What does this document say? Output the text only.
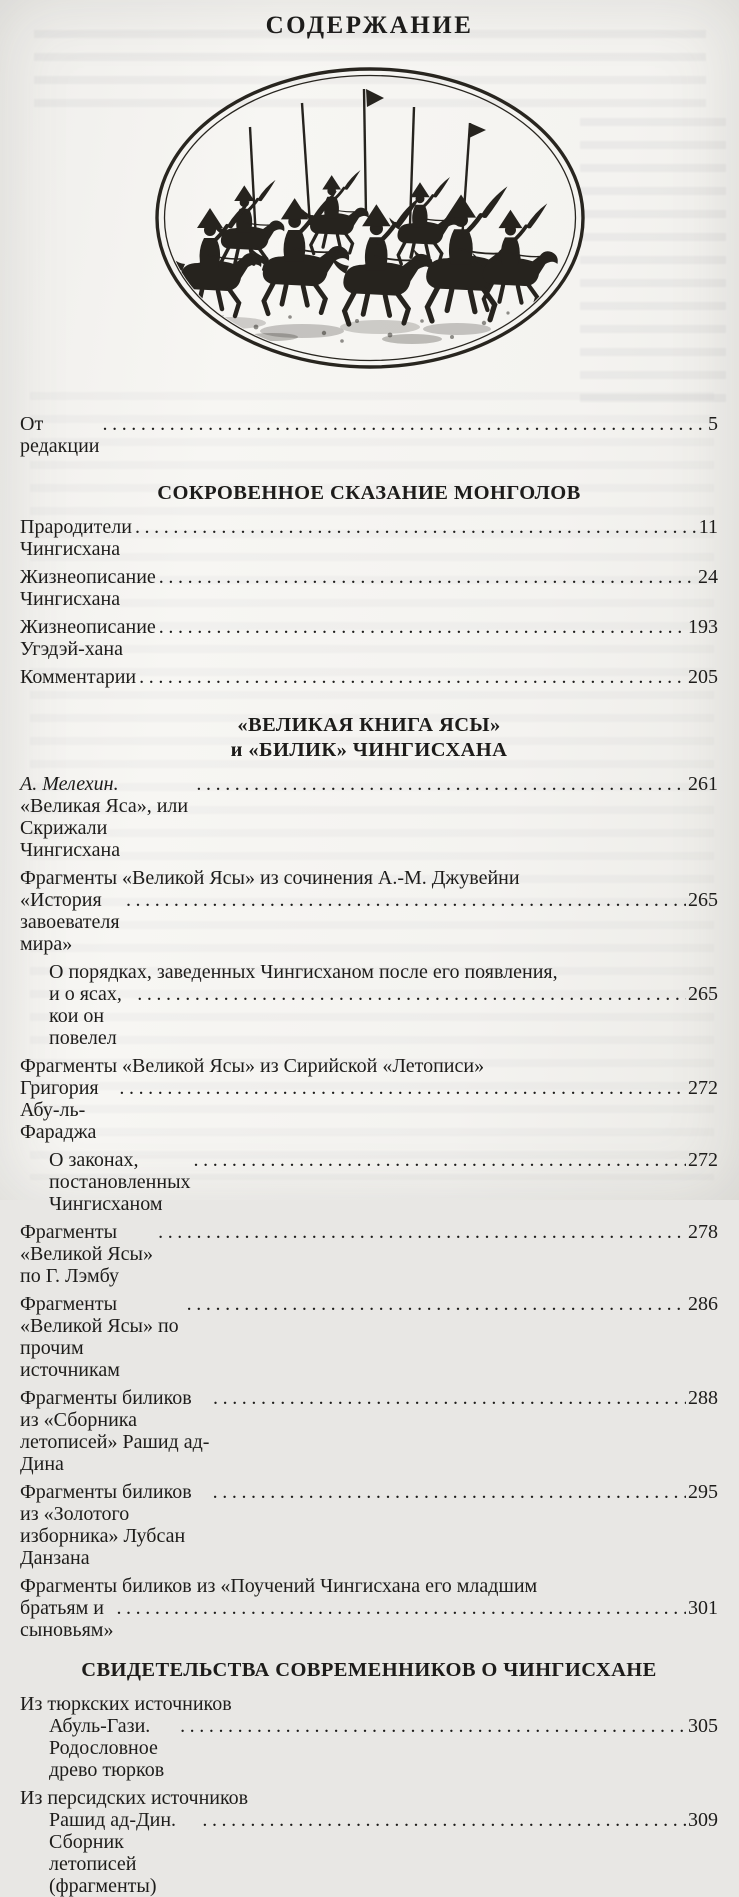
СОДЕРЖАНИЕ
От редакции
.....
5
СОКРОВЕННОЕ СКАЗАНИЕ МОНГОЛОВ
Прародители Чингисхана
.....
11
Жизнеописание Чингисхана
.....
24
Жизнеописание Угэдэй-хана
.....
193
Комментарии .....	205
«ВЕЛИКАЯ КНИГА ЯСЫ»
и «БИЛИК» ЧИНГИСХАНА
А. Мелехин. «Великая Яса», или Скрижали Чингисхана
.....
261
Фрагменты «Великой Ясы» из сочинения А.-М. Джувейни
«История завоевателя мира»
.....
265
О порядках, заведенных Чингисханом после его появления,
и о ясах, кои он повелел
.....
265
Фрагменты «Великой Ясы» из Сирийской «Летописи»
Григория Абу-ль-Фараджа
.....
272
О законах, постановленных Чингисханом
.....
272
Фрагменты «Великой Ясы» по Г. Лэмбу
.....
278
Фрагменты «Великой Ясы» по прочим источникам
.....
286
Фрагменты биликов из «Сборника летописей» Рашид ад-Дина
.....
288
Фрагменты биликов из «Золотого изборника» Лубсан Данзана
.....
295
Фрагменты биликов из «Поучений Чингисхана его младшим
братьям и сыновьям»
.....
301
СВИДЕТЕЛЬСТВА СОВРЕМЕННИКОВ О ЧИНГИСХАНЕ
Из тюркских источников
Абуль-Гази. Родословное древо тюрков
.....
305
Из персидских источников
Рашид ад-Дин. Сборник летописей (фрагменты)
.....
309
